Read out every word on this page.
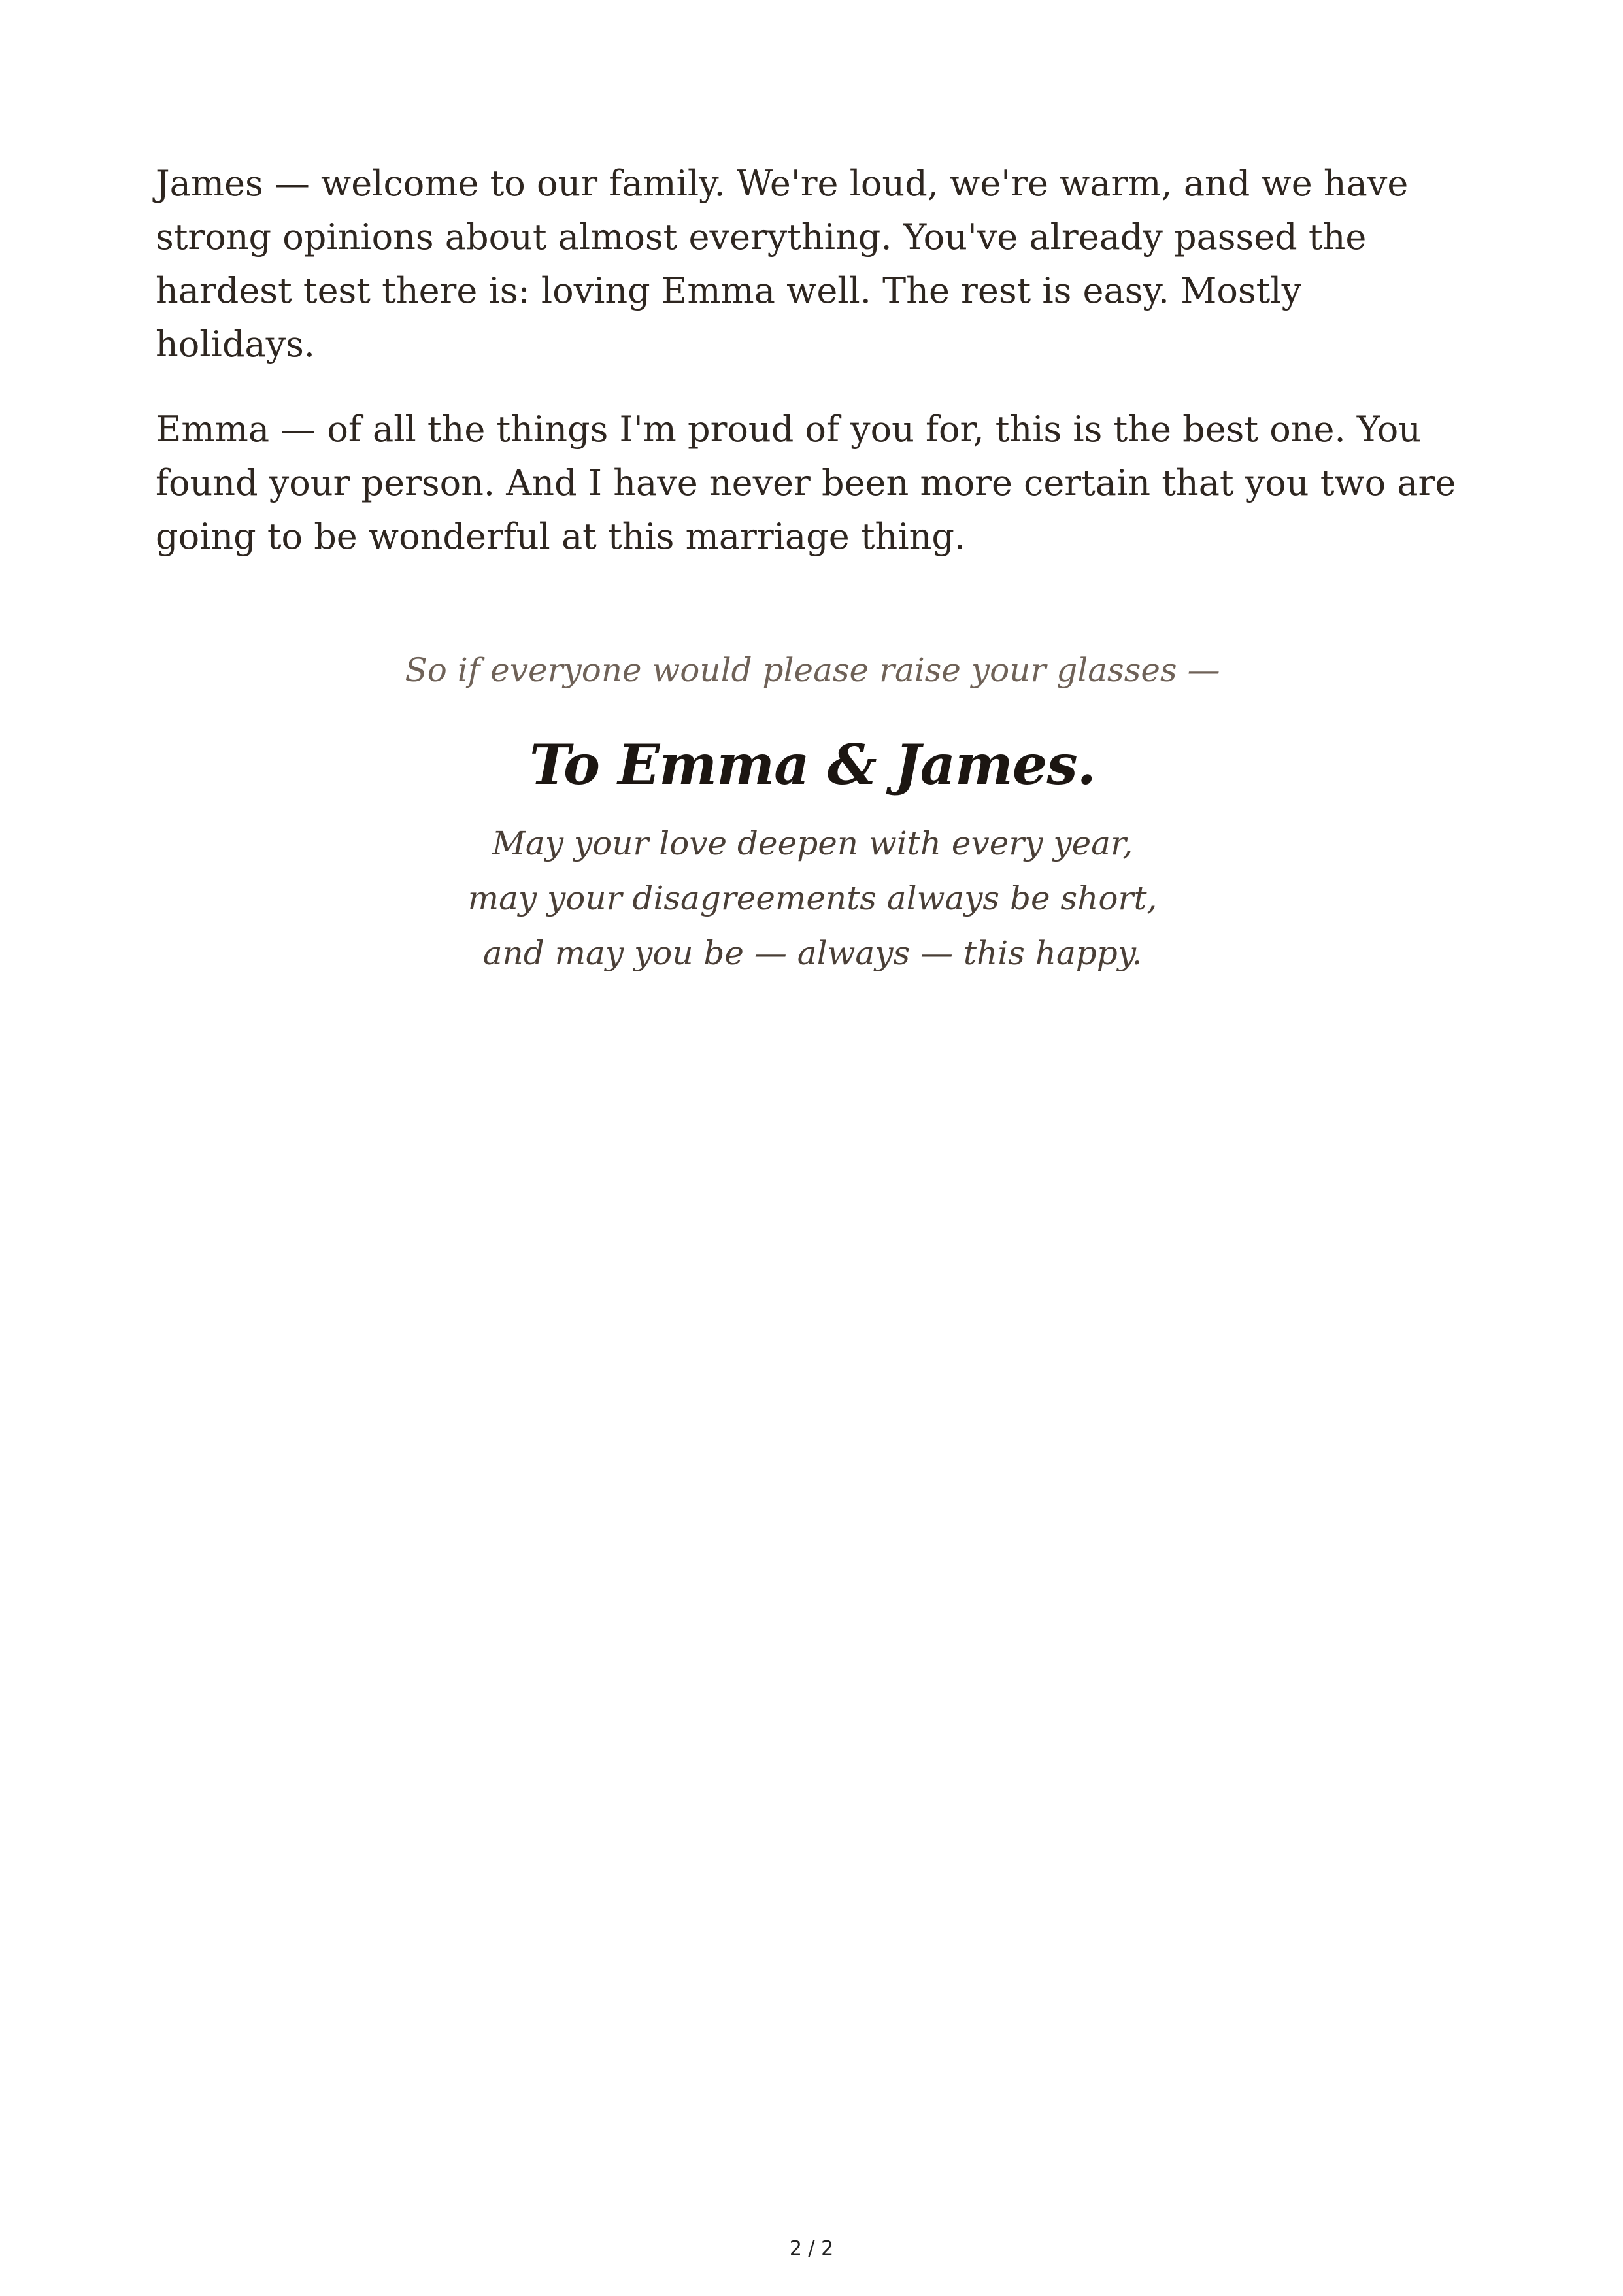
James — welcome to our family. We're loud, we're warm, and we have strong opinions about almost everything. You've already passed the hardest test there is: loving Emma well. The rest is easy. Mostly holidays.

Emma — of all the things I'm proud of you for, this is the best one. You found your person. And I have never been more certain that you two are going to be wonderful at this marriage thing.

So if everyone would please raise your glasses —

To Emma & James.

May your love deepen with every year,
may your disagreements always be short,
and may you be — always — this happy.

2 / 2
